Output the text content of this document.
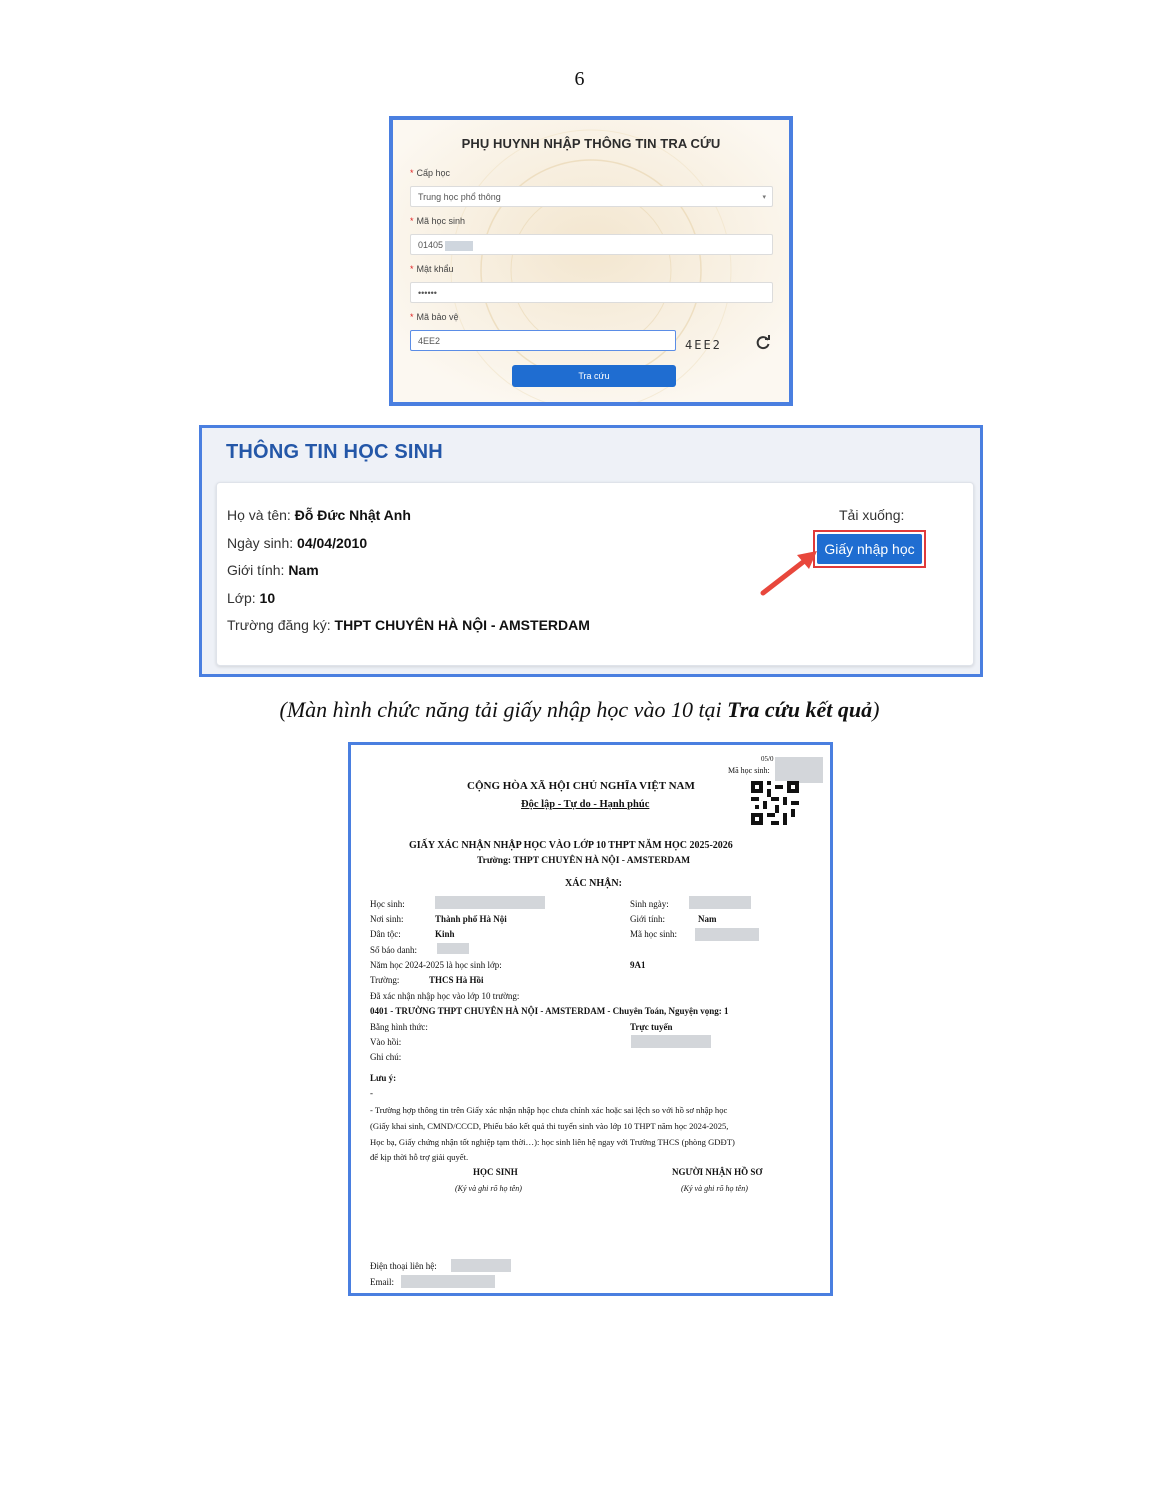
6
PHỤ HUYNH NHẬP THÔNG TIN TRA CỨU
* Cấp học
Trung học phổ thông	▾
* Mã học sinh
01405
* Mật khẩu
••••••
* Mã bảo vệ
4EE2	4EE2
Tra cứu
THÔNG TIN HỌC SINH
Họ và tên: Đỗ Đức Nhật Anh
Ngày sinh: 04/04/2010
Giới tính: Nam
Lớp: 10
Trường đăng ký: THPT CHUYÊN HÀ NỘI - AMSTERDAM
Tải xuống:
Giấy nhập học
(Màn hình chức năng tải giấy nhập học vào 10 tại Tra cứu kết quả)
05/0
Mã học sinh:
CỘNG HÒA XÃ HỘI CHỦ NGHĨA VIỆT NAM
Độc lập - Tự do - Hạnh phúc
GIẤY XÁC NHẬN NHẬP HỌC VÀO LỚP 10 THPT NĂM HỌC 2025-2026
Trường: THPT CHUYÊN HÀ NỘI - AMSTERDAM
XÁC NHẬN:
Học sinh:	Sinh ngày:
Nơi sinh:	Thành phố Hà Nội	Giới tính:	Nam
Dân tộc:	Kinh	Mã học sinh:
Số báo danh:
Năm học 2024-2025 là học sinh lớp:	9A1
Trường:	THCS Hà Hồi
Đã xác nhận nhập học vào lớp 10 trường:
0401 - TRƯỜNG THPT CHUYÊN HÀ NỘI - AMSTERDAM - Chuyên Toán, Nguyện vọng: 1
Bằng hình thức:	Trực tuyến
Vào hồi:
Ghi chú:
Lưu ý:
-
- Trường hợp thông tin trên Giấy xác nhận nhập học chưa chính xác hoặc sai lệch so với hồ sơ nhập học
(Giấy khai sinh, CMND/CCCD, Phiếu báo kết quả thi tuyển sinh vào lớp 10 THPT năm học 2024-2025,
Học bạ, Giấy chứng nhận tốt nghiệp tạm thời…): học sinh liên hệ ngay với Trường THCS (phòng GDĐT)
để kịp thời hỗ trợ giải quyết.
HỌC SINH
(Ký và ghi rõ họ tên)
NGƯỜI NHẬN HỒ SƠ
(Ký và ghi rõ họ tên)
Điện thoại liên hệ:
Email:
